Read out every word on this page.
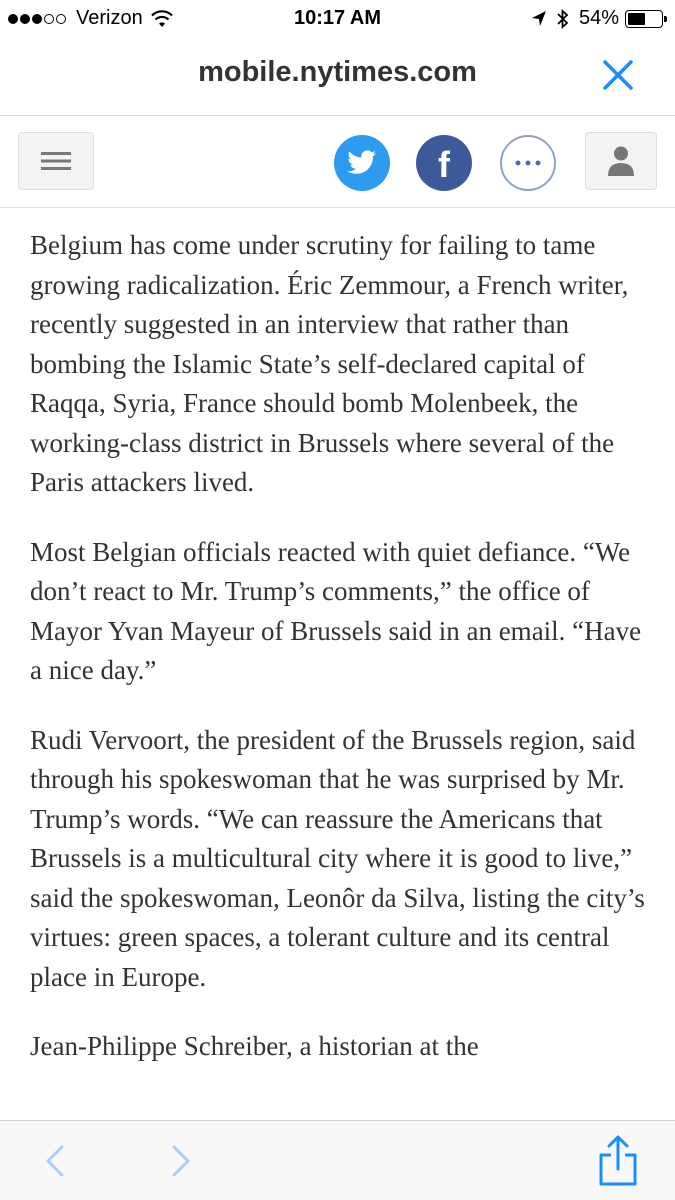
Verizon	10:17 AM	54%
mobile.nytimes.com
f

Belgium has come under scrutiny for failing to tame growing radicalization. Éric Zemmour, a French writer, recently suggested in an interview that rather than bombing the Islamic State’s self-declared capital of Raqqa, Syria, France should bomb Molenbeek, the working-class district in Brussels where several of the Paris attackers lived.

Most Belgian officials reacted with quiet defiance. “We don’t react to Mr. Trump’s comments,” the office of Mayor Yvan Mayeur of Brussels said in an email. “Have a nice day.”

Rudi Vervoort, the president of the Brussels region, said through his spokeswoman that he was surprised by Mr. Trump’s words. “We can reassure the Americans that Brussels is a multicultural city where it is good to live,” said the spokeswoman, Leonôr da Silva, listing the city’s virtues: green spaces, a tolerant culture and its central place in Europe.

Jean-Philippe Schreiber, a historian at the
